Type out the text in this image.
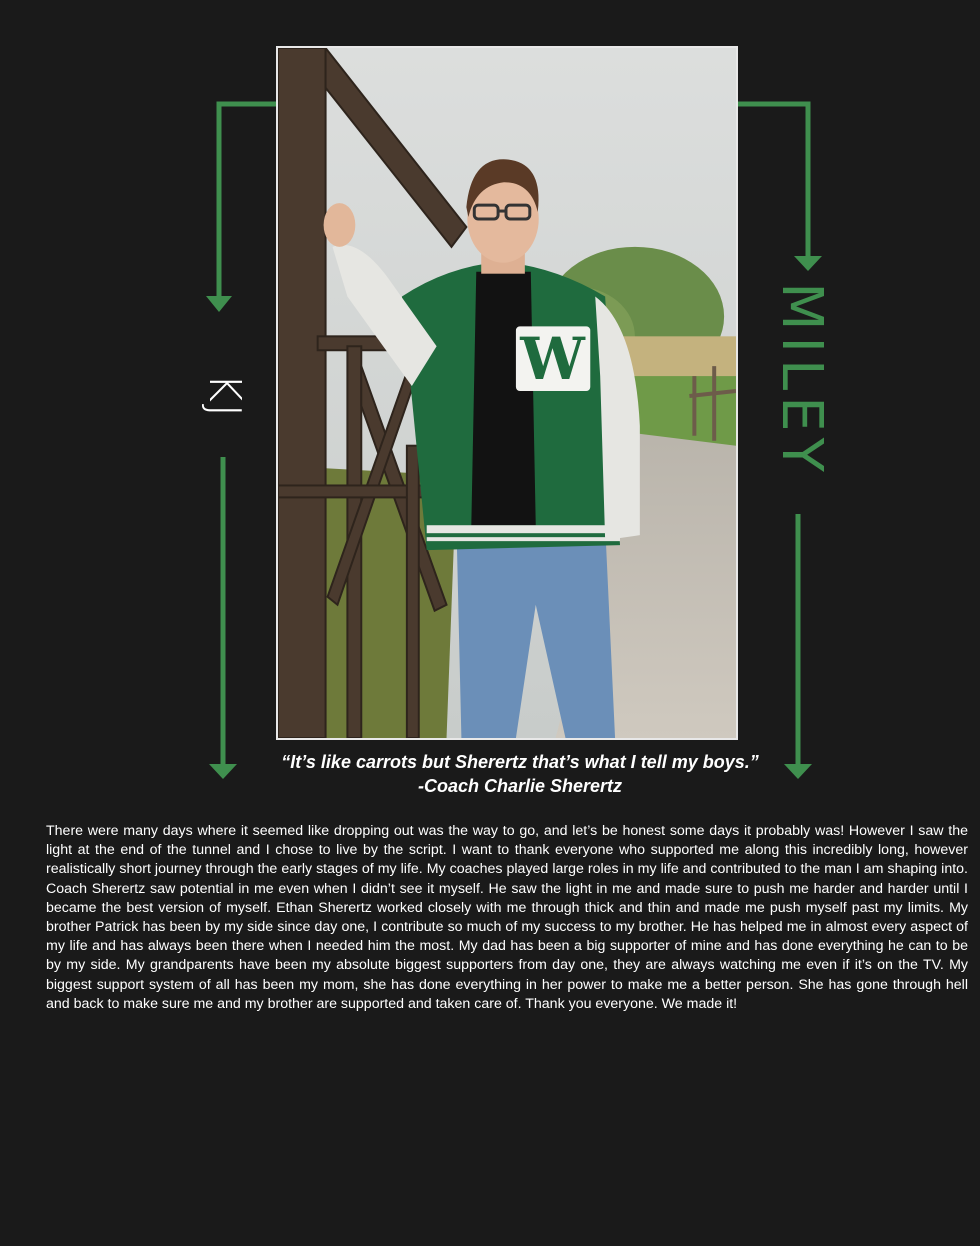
KJ	MILEY
W
“It’s like carrots but Sherertz that’s what I tell my boys.”
-Coach Charlie Sherertz
There were many days where it seemed like dropping out was the way to go, and let’s be honest some days it probably was! However I saw the light at the end of the tunnel and I chose to live by the script. I want to thank everyone who supported me along this incredibly long, however realistically short journey through the early stages of my life. My coaches played large roles in my life and contributed to the man I am shaping into. Coach Sherertz saw potential in me even when I didn’t see it myself. He saw the light in me and made sure to push me harder and harder until I became the best version of myself. Ethan Sherertz worked closely with me through thick and thin and made me push myself past my limits. My brother Patrick has been by my side since day one, I contribute so much of my success to my brother. He has helped me in almost every aspect of my life and has always been there when I needed him the most. My dad has been a big supporter of mine and has done everything he can to be by my side. My grandparents have been my absolute biggest supporters from day one, they are always watching me even if it’s on the TV. My biggest support system of all has been my mom, she has done everything in her power to make me a better person. She has gone through hell and back to make sure me and my brother are supported and taken care of. Thank you everyone. We made it!
